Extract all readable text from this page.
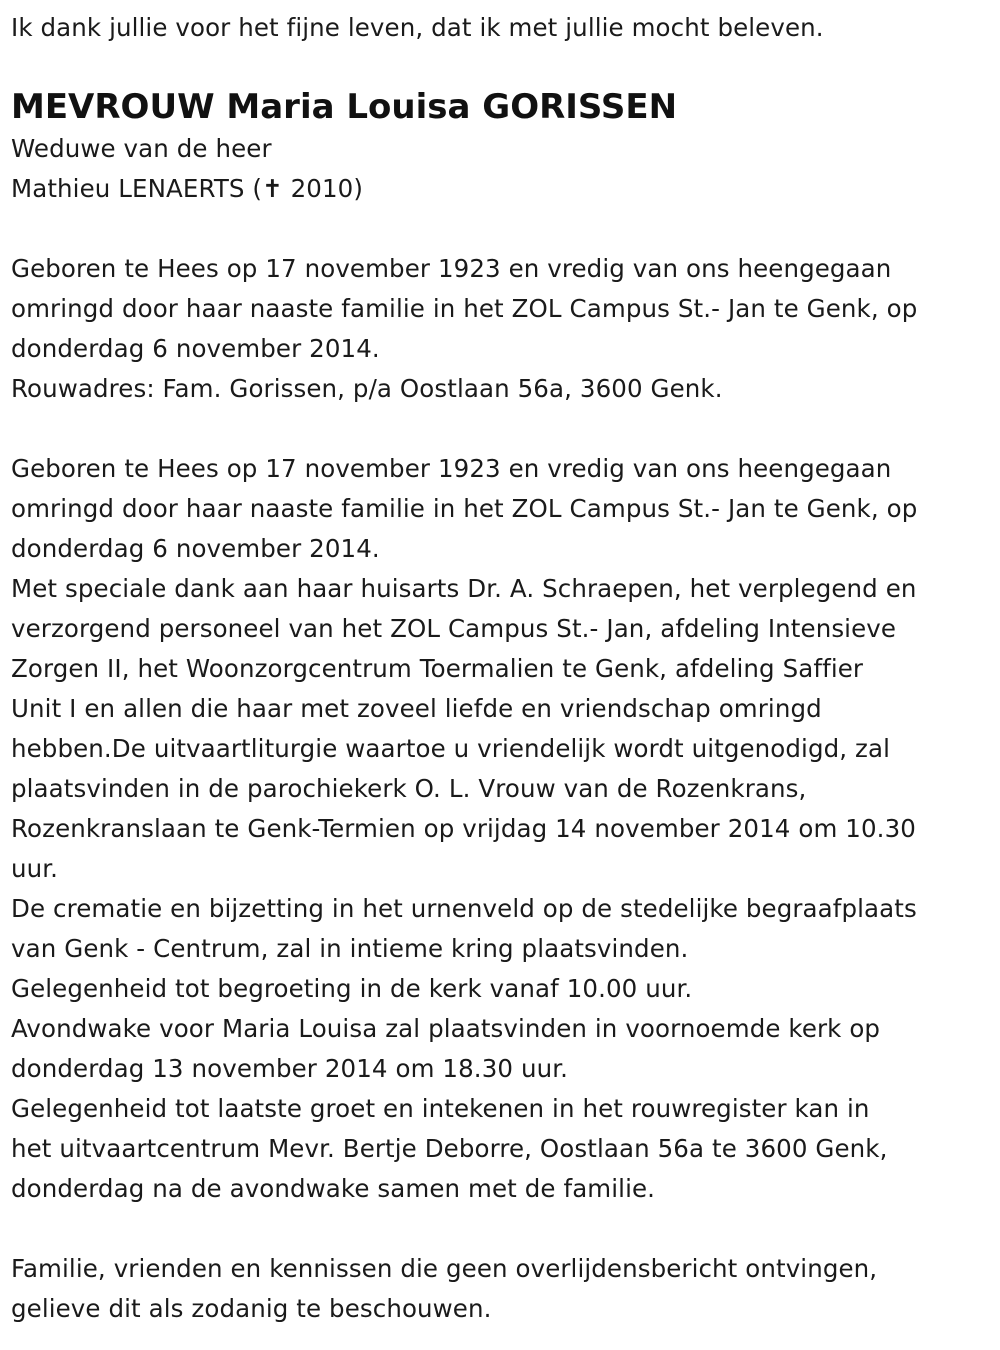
Ik dank jullie voor het fijne leven, dat ik met jullie mocht beleven.
MEVROUW Maria Louisa GORISSEN
Weduwe van de heer
Mathieu LENAERTS (✝ 2010)
Geboren te Hees op 17 november 1923 en vredig van ons heengegaan
omringd door haar naaste familie in het ZOL Campus St.- Jan te Genk, op
donderdag 6 november 2014.
Rouwadres: Fam. Gorissen, p/a Oostlaan 56a, 3600 Genk.
Geboren te Hees op 17 november 1923 en vredig van ons heengegaan
omringd door haar naaste familie in het ZOL Campus St.- Jan te Genk, op
donderdag 6 november 2014.
Met speciale dank aan haar huisarts Dr. A. Schraepen, het verplegend en
verzorgend personeel van het ZOL Campus St.- Jan, afdeling Intensieve
Zorgen II, het Woonzorgcentrum Toermalien te Genk, afdeling Saffier
Unit I en allen die haar met zoveel liefde en vriendschap omringd
hebben.De uitvaartliturgie waartoe u vriendelijk wordt uitgenodigd, zal
plaatsvinden in de parochiekerk O. L. Vrouw van de Rozenkrans,
Rozenkranslaan te Genk-Termien op vrijdag 14 november 2014 om 10.30
uur.
De crematie en bijzetting in het urnenveld op de stedelijke begraafplaats
van Genk - Centrum, zal in intieme kring plaatsvinden.
Gelegenheid tot begroeting in de kerk vanaf 10.00 uur.
Avondwake voor Maria Louisa zal plaatsvinden in voornoemde kerk op
donderdag 13 november 2014 om 18.30 uur.
Gelegenheid tot laatste groet en intekenen in het rouwregister kan in
het uitvaartcentrum Mevr. Bertje Deborre, Oostlaan 56a te 3600 Genk,
donderdag na de avondwake samen met de familie.
Familie, vrienden en kennissen die geen overlijdensbericht ontvingen,
gelieve dit als zodanig te beschouwen.
